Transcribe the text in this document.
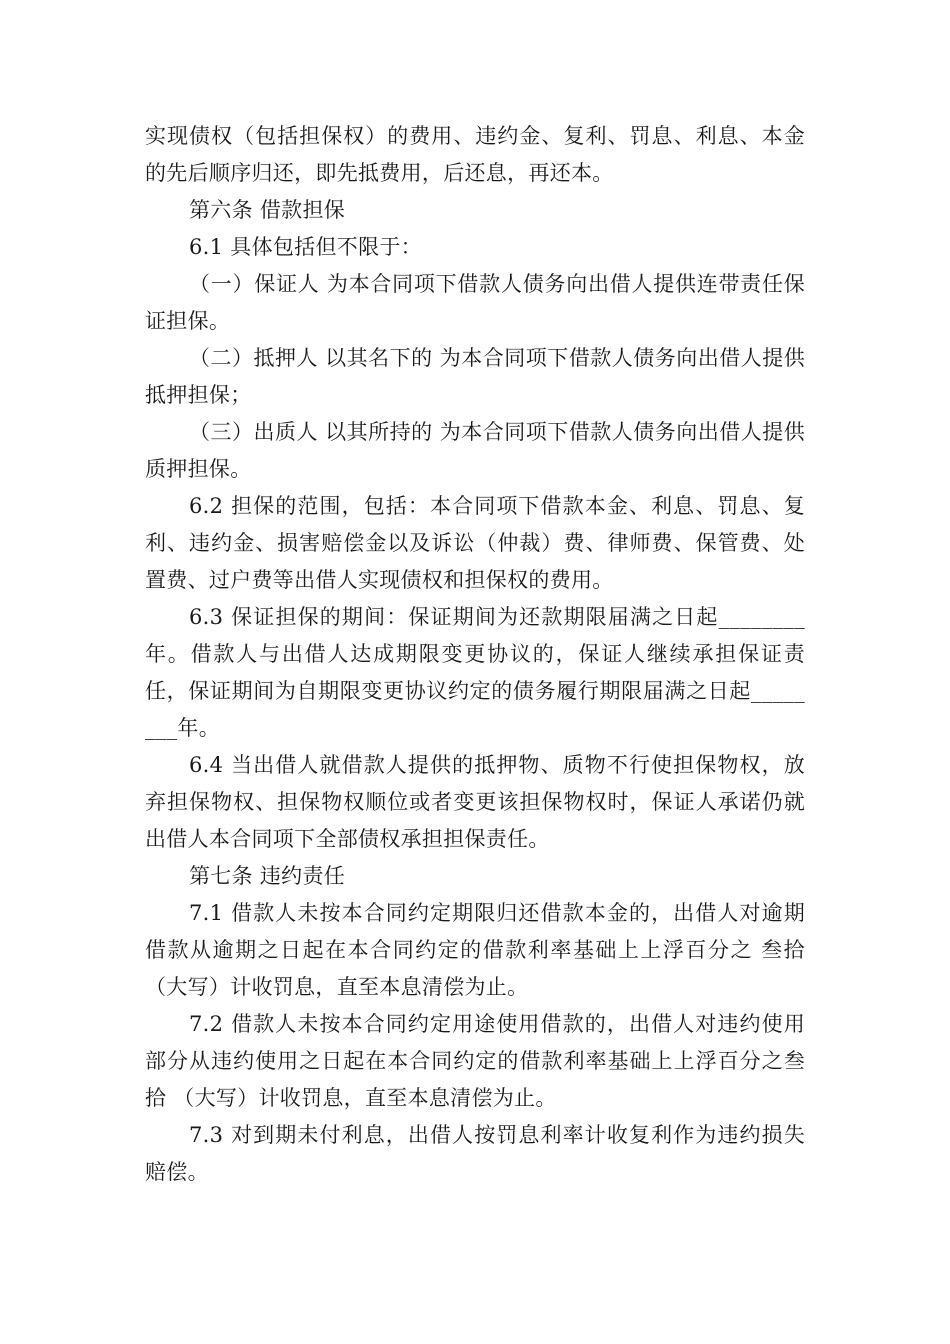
实现债权（包括担保权）的费用、违约金、复利、罚息、利息、本金的先后顺序归还，即先抵费用，后还息，再还本。

第六条 借款担保

6.1 具体包括但不限于：

（一）保证人 为本合同项下借款人债务向出借人提供连带责任保证担保。

（二）抵押人 以其名下的 为本合同项下借款人债务向出借人提供抵押担保；

（三）出质人 以其所持的 为本合同项下借款人债务向出借人提供质押担保。

6.2 担保的范围，包括：本合同项下借款本金、利息、罚息、复利、违约金、损害赔偿金以及诉讼（仲裁）费、律师费、保管费、处置费、过户费等出借人实现债权和担保权的费用。

6.3 保证担保的期间：保证期间为还款期限届满之日起________年。借款人与出借人达成期限变更协议的，保证人继续承担保证责任，保证期间为自期限变更协议约定的债务履行期限届满之日起________年。

6.4 当出借人就借款人提供的抵押物、质物不行使担保物权，放弃担保物权、担保物权顺位或者变更该担保物权时，保证人承诺仍就出借人本合同项下全部债权承担担保责任。

第七条 违约责任

7.1 借款人未按本合同约定期限归还借款本金的，出借人对逾期借款从逾期之日起在本合同约定的借款利率基础上上浮百分之 叁拾（大写）计收罚息，直至本息清偿为止。

7.2 借款人未按本合同约定用途使用借款的，出借人对违约使用部分从违约使用之日起在本合同约定的借款利率基础上上浮百分之叁拾 （大写）计收罚息，直至本息清偿为止。

7.3 对到期未付利息，出借人按罚息利率计收复利作为违约损失赔偿。
